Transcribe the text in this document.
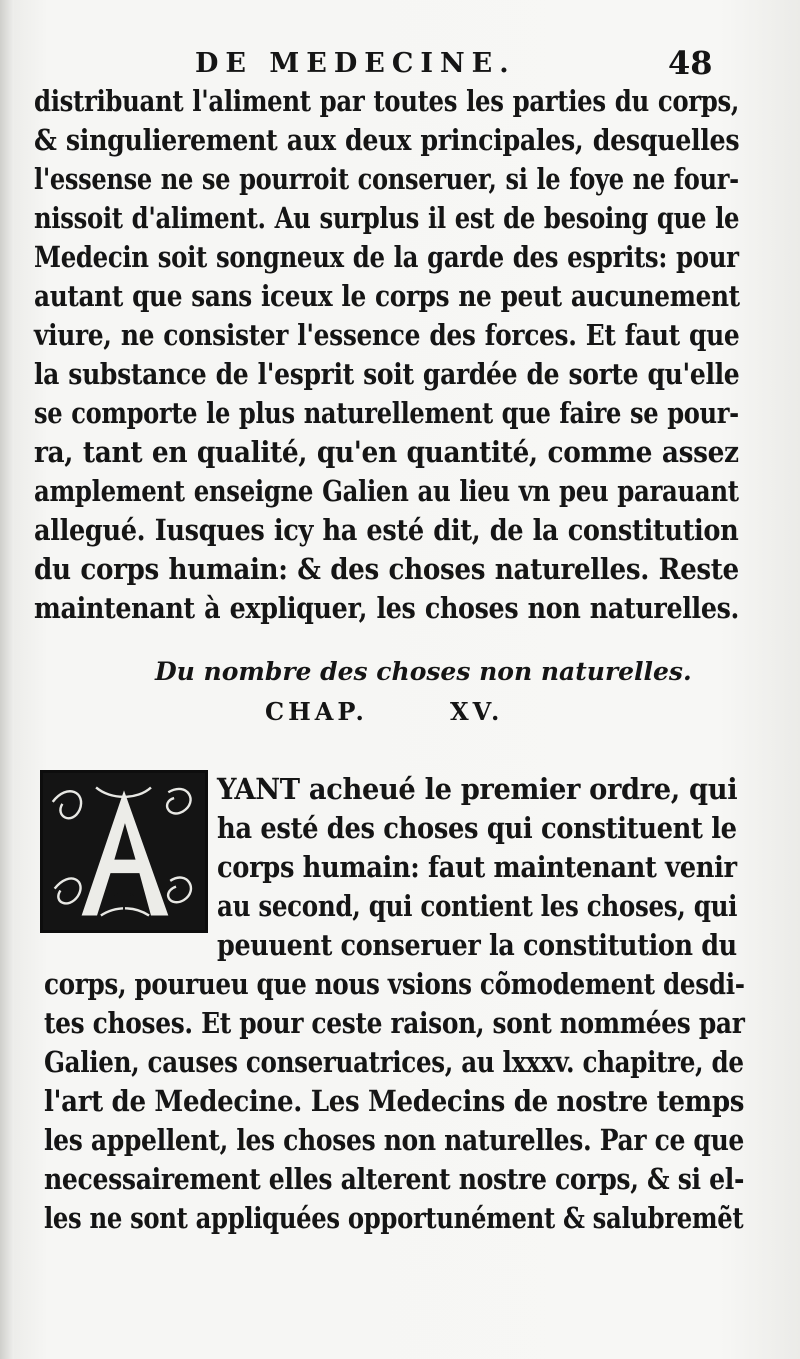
DE MEDECINE.	48
distribuant l'aliment par toutes les parties du corps,
& singulierement aux deux principales, desquelles
l'essense ne se pourroit conseruer, si le foye ne four-
nissoit d'aliment. Au surplus il est de besoing que le
Medecin soit songneux de la garde des esprits: pour
autant que sans iceux le corps ne peut aucunement
viure, ne consister l'essence des forces. Et faut que
la substance de l'esprit soit gardée de sorte qu'elle
se comporte le plus naturellement que faire se pour-
ra, tant en qualité, qu'en quantité, comme assez
amplement enseigne Galien au lieu vn peu parauant
allegué. Iusques icy ha esté dit, de la constitution
du corps humain: & des choses naturelles. Reste
maintenant à expliquer, les choses non naturelles.
Du nombre des choses non naturelles.
CHAP.	XV.
YANT acheué le premier ordre, qui
ha esté des choses qui constituent le
corps humain: faut maintenant venir
au second, qui contient les choses, qui
peuuent conseruer la constitution du
corps, pourueu que nous vsions cõmodement desdi-
tes choses. Et pour ceste raison, sont nommées par
Galien, causes conseruatrices, au lxxxv. chapitre, de
l'art de Medecine. Les Medecins de nostre temps
les appellent, les choses non naturelles. Par ce que
necessairement elles alterent nostre corps, & si el-
les ne sont appliquées opportunément & salubremẽt
